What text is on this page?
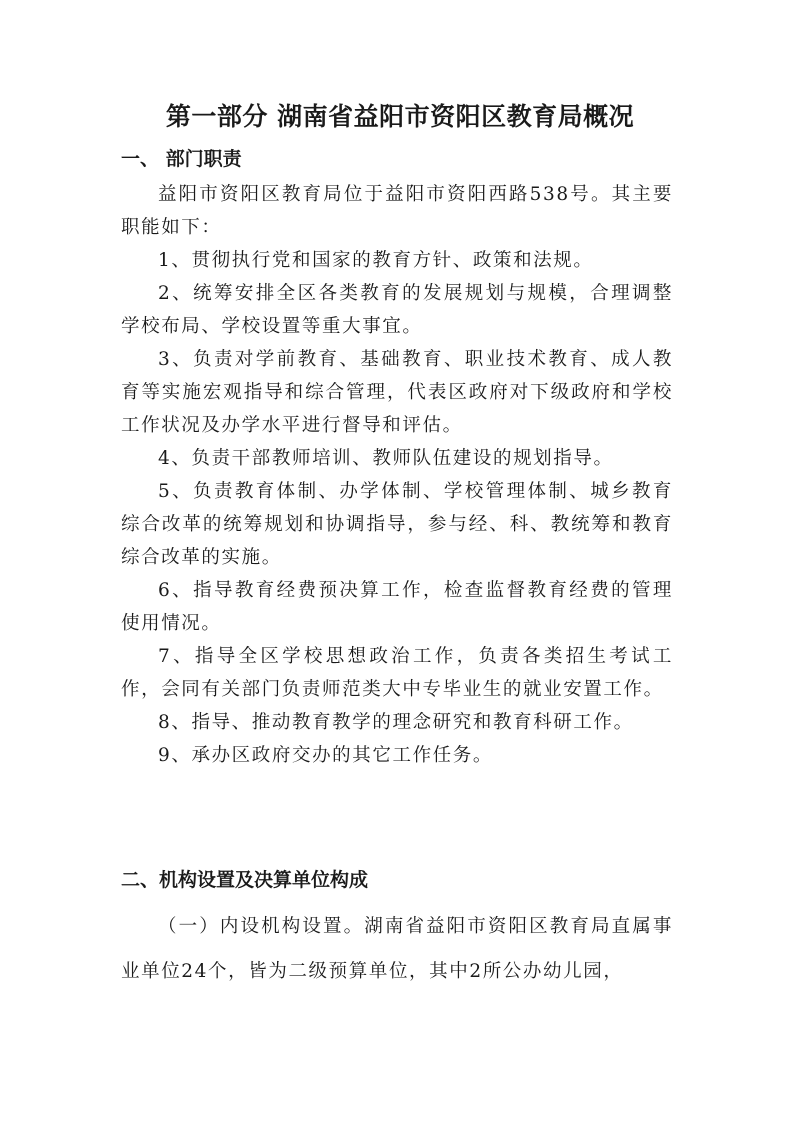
第一部分 湖南省益阳市资阳区教育局概况
一、 部门职责

益阳市资阳区教育局位于益阳市资阳西路538号。其主要职能如下：

1、贯彻执行党和国家的教育方针、政策和法规。

2、统筹安排全区各类教育的发展规划与规模，合理调整学校布局、学校设置等重大事宜。

3、负责对学前教育、基础教育、职业技术教育、成人教育等实施宏观指导和综合管理，代表区政府对下级政府和学校工作状况及办学水平进行督导和评估。

4、负责干部教师培训、教师队伍建设的规划指导。

5、负责教育体制、办学体制、学校管理体制、城乡教育综合改革的统筹规划和协调指导，参与经、科、教统筹和教育综合改革的实施。

6、指导教育经费预决算工作，检查监督教育经费的管理使用情况。

7、指导全区学校思想政治工作，负责各类招生考试工作，会同有关部门负责师范类大中专毕业生的就业安置工作。

8、指导、推动教育教学的理念研究和教育科研工作。

9、承办区政府交办的其它工作任务。

二、机构设置及决算单位构成

（一）内设机构设置。湖南省益阳市资阳区教育局直属事业单位24个，皆为二级预算单位，其中2所公办幼儿园，
